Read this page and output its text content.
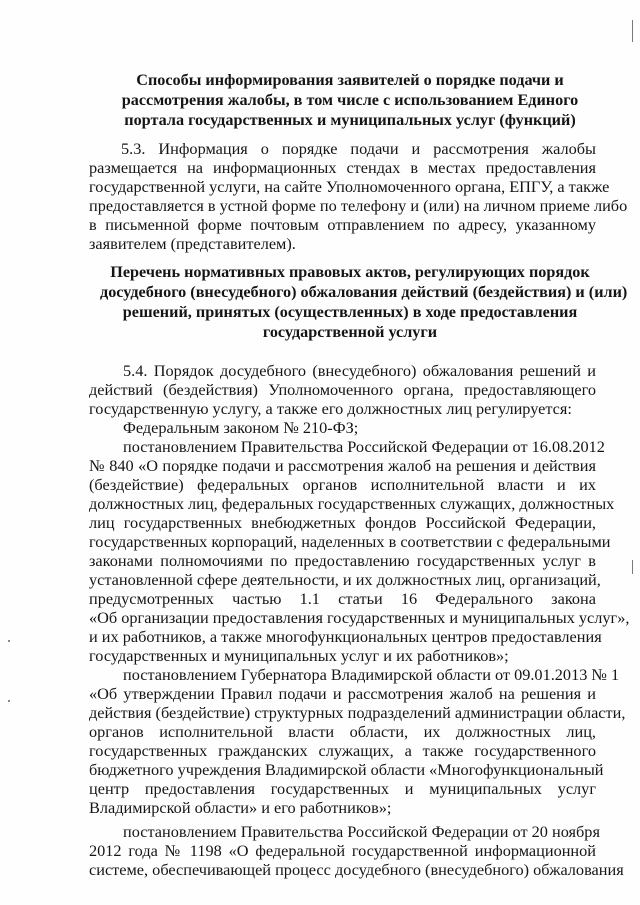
Способы информирования заявителей о порядке подачи и
рассмотрения жалобы, в том числе с использованием Единого
портала государственных и муниципальных услуг (функций)
5.3. Информация о порядке подачи и рассмотрения жалобы
размещается на информационных стендах в местах предоставления
государственной услуги, на сайте Уполномоченного органа, ЕПГУ, а также
предоставляется в устной форме по телефону и (или) на личном приеме либо
в письменной форме почтовым отправлением по адресу, указанному
заявителем (представителем).
Перечень нормативных правовых актов, регулирующих порядок
досудебного (внесудебного) обжалования действий (бездействия) и (или)
решений, принятых (осуществленных) в ходе предоставления
государственной услуги
5.4. Порядок досудебного (внесудебного) обжалования решений и
действий (бездействия) Уполномоченного органа, предоставляющего
государственную услугу, а также его должностных лиц регулируется:
Федеральным законом № 210-ФЗ;
постановлением Правительства Российской Федерации от 16.08.2012
№ 840 «О порядке подачи и рассмотрения жалоб на решения и действия
(бездействие) федеральных органов исполнительной власти и их
должностных лиц, федеральных государственных служащих, должностных
лиц государственных внебюджетных фондов Российской Федерации,
государственных корпораций, наделенных в соответствии с федеральными
законами полномочиями по предоставлению государственных услуг в
установленной сфере деятельности, и их должностных лиц, организаций,
предусмотренных частью 1.1 статьи 16 Федерального закона
«Об организации предоставления государственных и муниципальных услуг»,
и их работников, а также многофункциональных центров предоставления
государственных и муниципальных услуг и их работников»;
постановлением Губернатора Владимирской области от 09.01.2013 № 1
«Об утверждении Правил подачи и рассмотрения жалоб на решения и
действия (бездействие) структурных подразделений администрации области,
органов исполнительной власти области, их должностных лиц,
государственных гражданских служащих, а также государственного
бюджетного учреждения Владимирской области «Многофункциональный
центр предоставления государственных и муниципальных услуг
Владимирской области» и его работников»;
постановлением Правительства Российской Федерации от 20 ноября
2012 года № 1198 «О федеральной государственной информационной
системе, обеспечивающей процесс досудебного (внесудебного) обжалования
